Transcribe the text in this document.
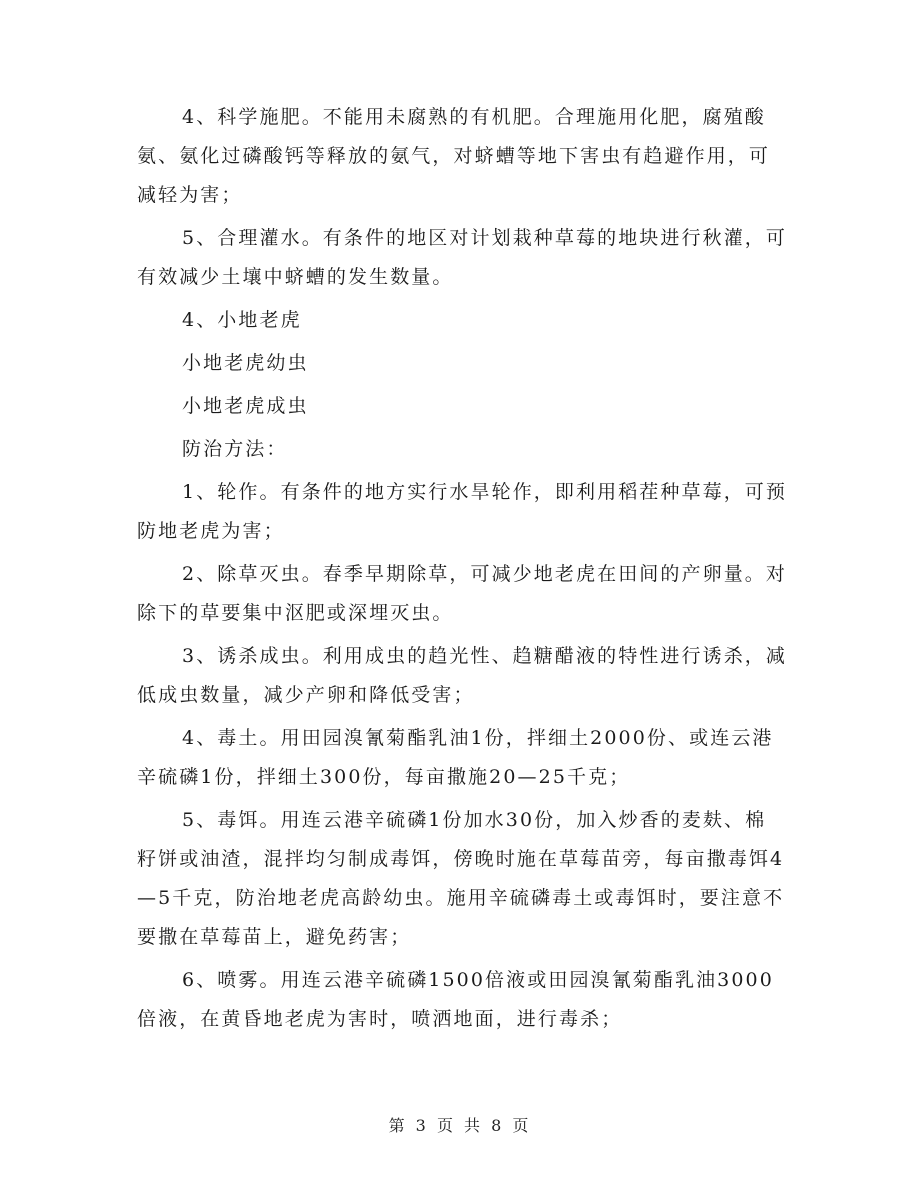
4、科学施肥。不能用未腐熟的有机肥。合理施用化肥，腐殖酸氨、氨化过磷酸钙等释放的氨气，对蛴螬等地下害虫有趋避作用，可减轻为害；

5、合理灌水。有条件的地区对计划栽种草莓的地块进行秋灌，可有效减少土壤中蛴螬的发生数量。

4、小地老虎

小地老虎幼虫

小地老虎成虫

防治方法：

1、轮作。有条件的地方实行水旱轮作，即利用稻茬种草莓，可预防地老虎为害；

2、除草灭虫。春季早期除草，可减少地老虎在田间的产卵量。对除下的草要集中沤肥或深埋灭虫。

3、诱杀成虫。利用成虫的趋光性、趋糖醋液的特性进行诱杀，减低成虫数量，减少产卵和降低受害；

4、毒土。用田园溴氰菊酯乳油1份，拌细土2000份、或连云港辛硫磷1份，拌细土300份，每亩撒施20—25千克；

5、毒饵。用连云港辛硫磷1份加水30份，加入炒香的麦麸、棉籽饼或油渣，混拌均匀制成毒饵，傍晚时施在草莓苗旁，每亩撒毒饵4—5千克，防治地老虎高龄幼虫。施用辛硫磷毒土或毒饵时，要注意不要撒在草莓苗上，避免药害；

6、喷雾。用连云港辛硫磷1500倍液或田园溴氰菊酯乳油3000倍液，在黄昏地老虎为害时，喷洒地面，进行毒杀；

第 3 页 共 8 页
